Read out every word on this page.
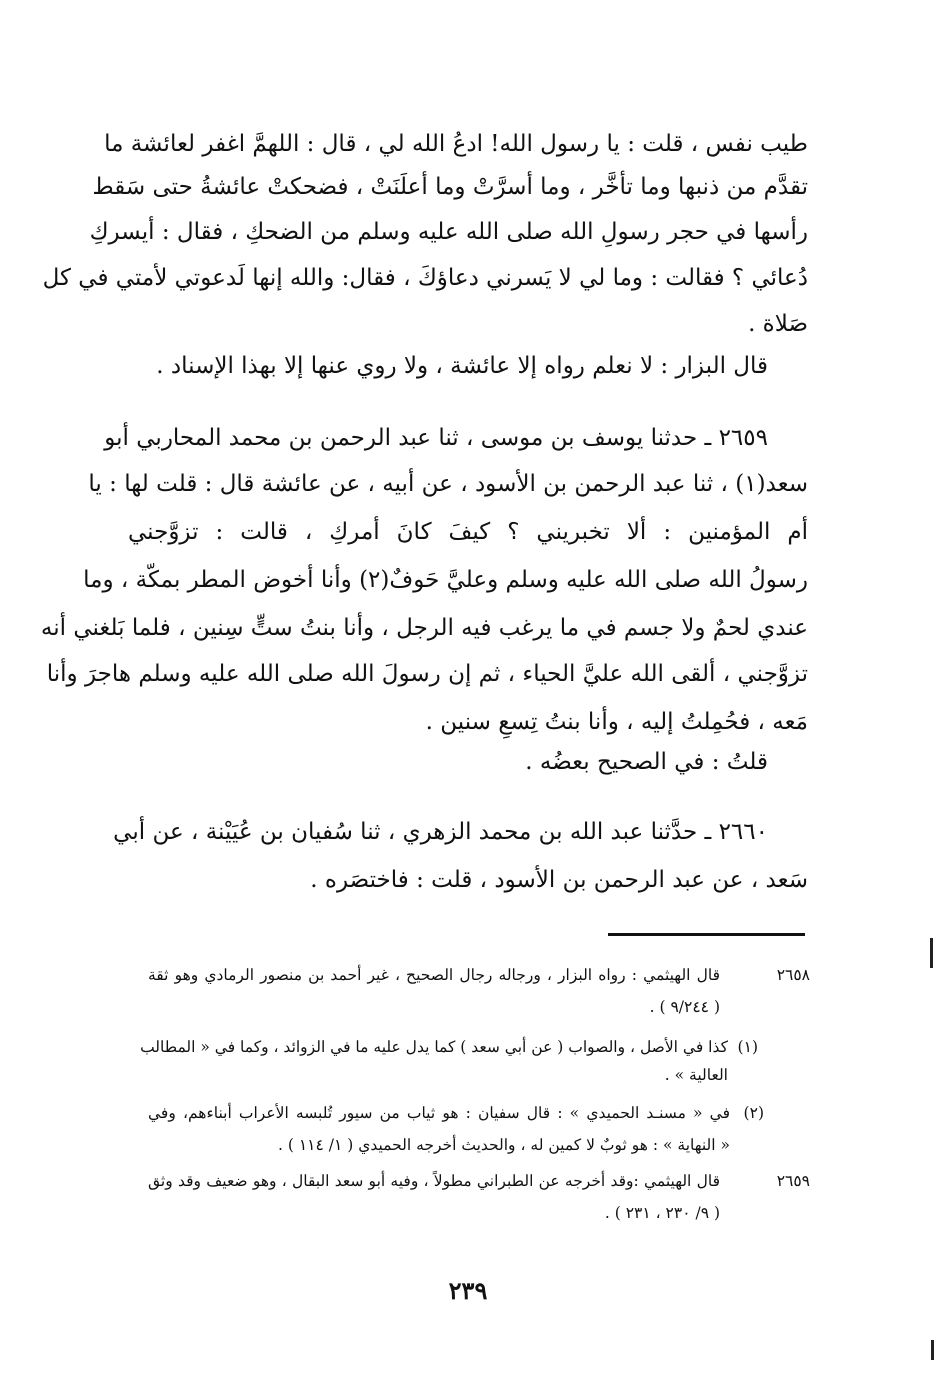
طيب نفس ، قلت : يا رسول الله! ادعُ الله لي ، قال : اللهمَّ اغفر لعائشة ما
تقدَّم من ذنبها وما تأخَّر ، وما أسرَّتْ وما أعلَنَتْ ، فضحكتْ عائشةُ حتى سَقط
رأسها في حجر رسولِ الله صلى الله عليه وسلم من الضحكِ ، فقال : أيسركِ
دُعائي ؟ فقالت : وما لي لا يَسرني دعاؤكَ ، فقال: والله إنها لَدعوتي لأمتي في كل
صَلاة .
قال البزار : لا نعلم رواه إلا عائشة ، ولا روي عنها إلا بهذا الإسناد .
٢٦٥٩ ـ حدثنا يوسف بن موسى ، ثنا عبد الرحمن بن محمد المحاربي أبو
سعد(١) ، ثنا عبد الرحمن بن الأسود ، عن أبيه ، عن عائشة قال : قلت لها : يا
أم المؤمنين : ألا تخبريني ؟ كيفَ كانَ أمركِ ، قالت : تزوَّجني
رسولُ الله صلى الله عليه وسلم وعليَّ حَوفٌ(٢) وأنا أخوض المطر بمكّة ، وما
عندي لحمٌ ولا جسم في ما يرغب فيه الرجل ، وأنا بنتُ ستٍّ سِنين ، فلما بَلغني أنه
تزوَّجني ، ألقى الله عليَّ الحياء ، ثم إن رسولَ الله صلى الله عليه وسلم هاجرَ وأنا
مَعه ، فحُمِلتُ إليه ، وأنا بنتُ تِسعِ سنين .
قلتُ : في الصحيح بعضُه .
٢٦٦٠ ـ حدَّثنا عبد الله بن محمد الزهري ، ثنا سُفيان بن عُيَيْنة ، عن أبي
سَعد ، عن عبد الرحمن بن الأسود ، قلت : فاختصَره .
٢٦٥٨
قال الهيثمي : رواه البزار ، ورجاله رجال الصحيح ، غير أحمد بن منصور الرمادي وهو ثقة
( ٩/٢٤٤ ) .
(١)
كذا في الأصل ، والصواب ( عن أبي سعد ) كما يدل عليه ما في الزوائد ، وكما في « المطالب
العالية » .
(٢)
في « مسنـد الحميدي » : قال سفيان : هو ثياب من سيور تُلبسه الأعراب أبناءهم، وفي
« النهاية » : هو ثوبٌ لا كمين له ، والحديث أخرجه الحميدي ( ١/ ١١٤ ) .
٢٦٥٩
قال الهيثمي :وقد أخرجه عن الطبراني مطولاً ، وفيه أبو سعد البقال ، وهو ضعيف وقد وثق
( ٩/ ٢٣٠ ، ٢٣١ ) .
٢٣٩
